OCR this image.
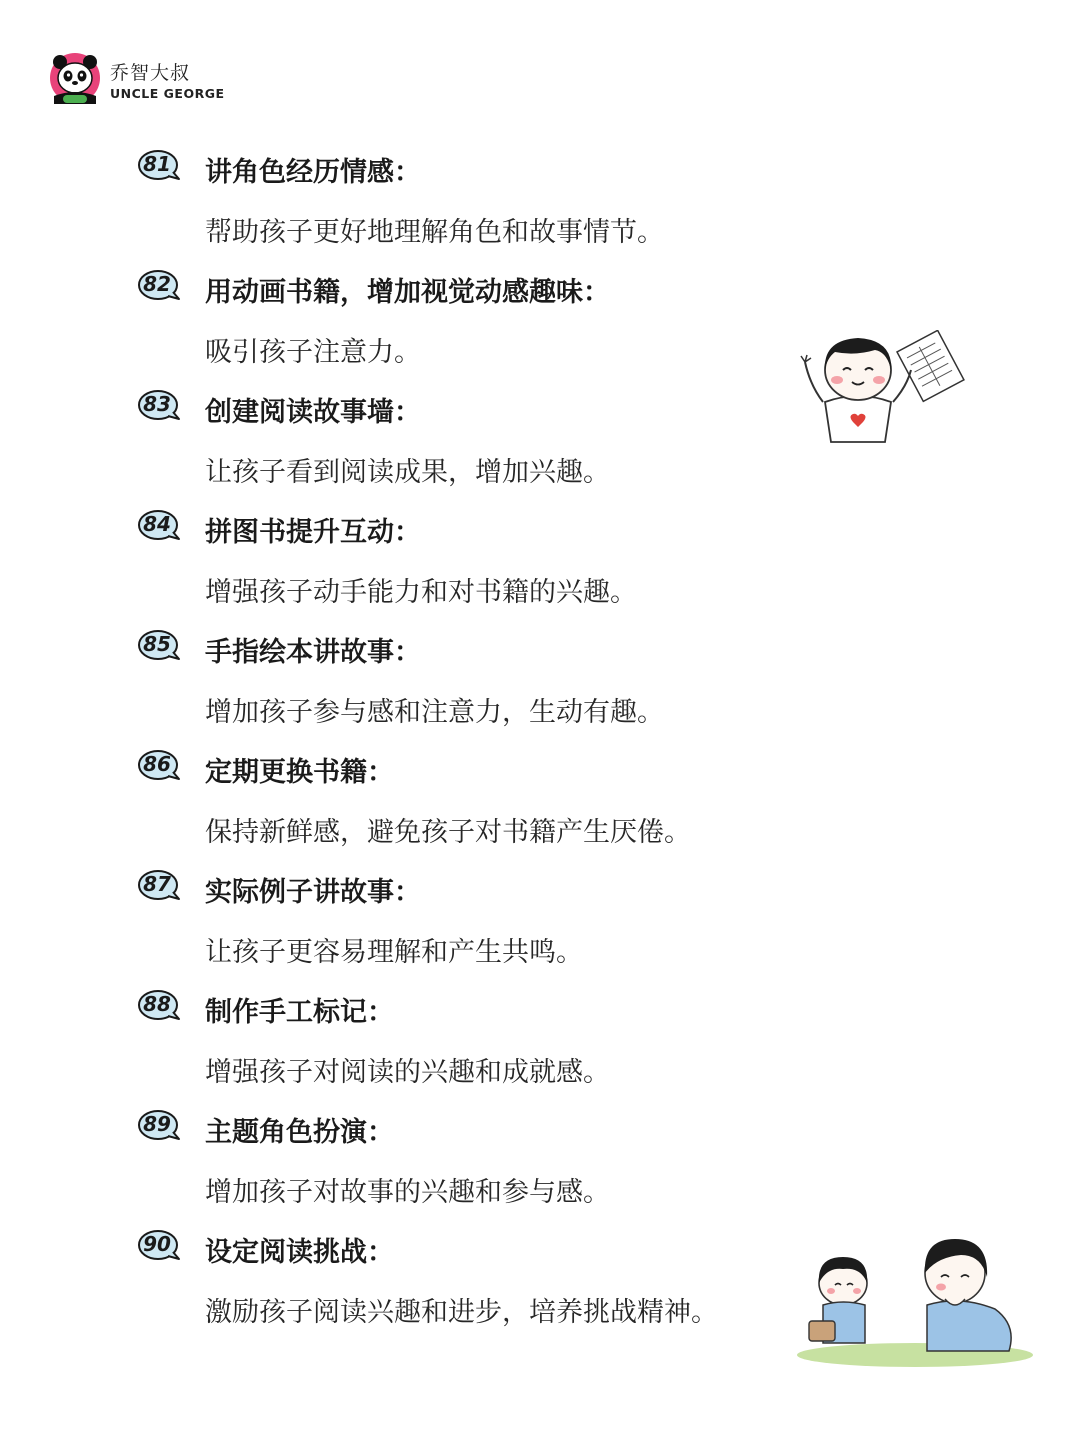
乔智大叔
UNCLE GEORGE
81 讲角色经历情感：
帮助孩子更好地理解角色和故事情节。
82 用动画书籍，增加视觉动感趣味：
吸引孩子注意力。
83 创建阅读故事墙：
让孩子看到阅读成果，增加兴趣。
84 拼图书提升互动：
增强孩子动手能力和对书籍的兴趣。
85 手指绘本讲故事：
增加孩子参与感和注意力，生动有趣。
86 定期更换书籍：
保持新鲜感，避免孩子对书籍产生厌倦。
87 实际例子讲故事：
让孩子更容易理解和产生共鸣。
88 制作手工标记：
增强孩子对阅读的兴趣和成就感。
89 主题角色扮演：
增加孩子对故事的兴趣和参与感。
90 设定阅读挑战：
激励孩子阅读兴趣和进步，培养挑战精神。
